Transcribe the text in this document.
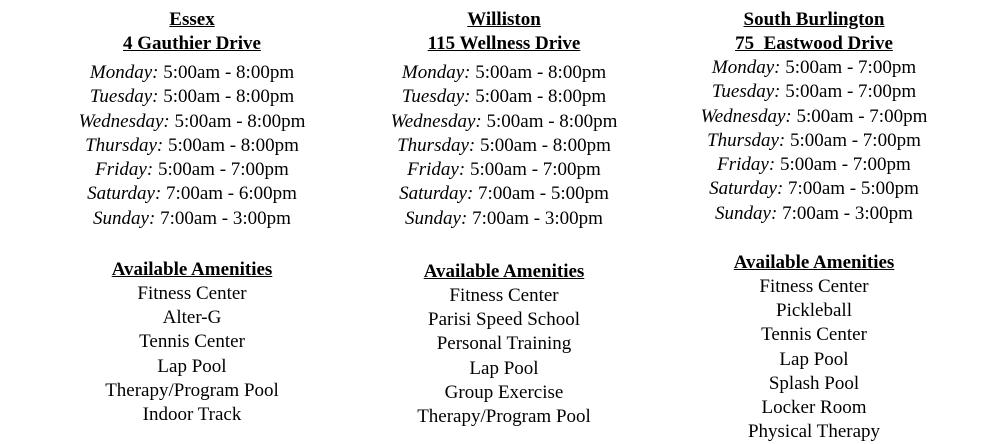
Essex
4 Gauthier Drive
Monday: 5:00am - 8:00pm
Tuesday: 5:00am - 8:00pm
Wednesday: 5:00am - 8:00pm
Thursday: 5:00am - 8:00pm
Friday: 5:00am - 7:00pm
Saturday: 7:00am - 6:00pm
Sunday: 7:00am - 3:00pm
Available Amenities
Fitness Center
Alter-G
Tennis Center
Lap Pool
Therapy/Program Pool
Indoor Track
Williston
115 Wellness Drive
Monday: 5:00am - 8:00pm
Tuesday: 5:00am - 8:00pm
Wednesday: 5:00am - 8:00pm
Thursday: 5:00am - 8:00pm
Friday: 5:00am - 7:00pm
Saturday: 7:00am - 5:00pm
Sunday: 7:00am - 3:00pm
Available Amenities
Fitness Center
Parisi Speed School
Personal Training
Lap Pool
Group Exercise
Therapy/Program Pool
South Burlington
75  Eastwood Drive
Monday: 5:00am - 7:00pm
Tuesday: 5:00am - 7:00pm
Wednesday: 5:00am - 7:00pm
Thursday: 5:00am - 7:00pm
Friday: 5:00am - 7:00pm
Saturday: 7:00am - 5:00pm
Sunday: 7:00am - 3:00pm
Available Amenities
Fitness Center
Pickleball
Tennis Center
Lap Pool
Splash Pool
Locker Room
Physical Therapy
